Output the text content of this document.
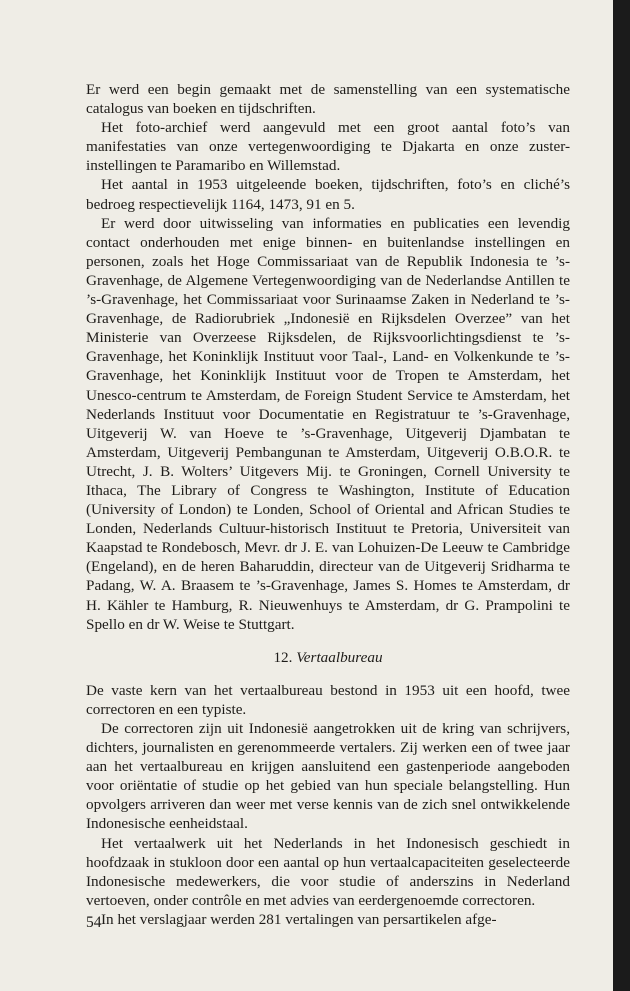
Er werd een begin gemaakt met de samenstelling van een systematische catalogus van boeken en tijdschriften.

Het foto-archief werd aangevuld met een groot aantal foto’s van manifestaties van onze vertegenwoordiging te Djakarta en onze zuster-instellingen te Paramaribo en Willemstad.

Het aantal in 1953 uitgeleende boeken, tijdschriften, foto’s en cliché’s bedroeg respectievelijk 1164, 1473, 91 en 5.

Er werd door uitwisseling van informaties en publicaties een levendig contact onderhouden met enige binnen- en buitenlandse instellingen en personen, zoals het Hoge Commissariaat van de Republik Indonesia te ’s-Gravenhage, de Algemene Vertegenwoordiging van de Nederlandse Antillen te ’s-Gravenhage, het Commissariaat voor Surinaamse Zaken in Nederland te ’s-Gravenhage, de Radiorubriek „Indonesië en Rijksdelen Overzee” van het Ministerie van Overzeese Rijksdelen, de Rijksvoorlichtingsdienst te ’s-Gravenhage, het Koninklijk Instituut voor Taal-, Land- en Volkenkunde te ’s-Gravenhage, het Koninklijk Instituut voor de Tropen te Amsterdam, het Unesco-centrum te Amsterdam, de Foreign Student Service te Amsterdam, het Nederlands Instituut voor Documentatie en Registratuur te ’s-Gravenhage, Uitgeverij W. van Hoeve te ’s-Gravenhage, Uitgeverij Djambatan te Amsterdam, Uitgeverij Pembangunan te Amsterdam, Uitgeverij O.B.O.R. te Utrecht, J. B. Wolters’ Uitgevers Mij. te Groningen, Cornell University te Ithaca, The Library of Congress te Washington, Institute of Education (University of London) te Londen, School of Oriental and African Studies te Londen, Nederlands Cultuur-historisch Instituut te Pretoria, Universiteit van Kaapstad te Rondebosch, Mevr. dr J. E. van Lohuizen-De Leeuw te Cambridge (Engeland), en de heren Baharuddin, directeur van de Uitgeverij Sridharma te Padang, W. A. Braasem te ’s-Gravenhage, James S. Homes te Amsterdam, dr H. Kähler te Hamburg, R. Nieuwenhuys te Amsterdam, dr G. Prampolini te Spello en dr W. Weise te Stuttgart.

12. Vertaalbureau

De vaste kern van het vertaalbureau bestond in 1953 uit een hoofd, twee correctoren en een typiste.

De correctoren zijn uit Indonesië aangetrokken uit de kring van schrijvers, dichters, journalisten en gerenommeerde vertalers. Zij werken een of twee jaar aan het vertaalbureau en krijgen aansluitend een gastenperiode aangeboden voor oriëntatie of studie op het gebied van hun speciale belangstelling. Hun opvolgers arriveren dan weer met verse kennis van de zich snel ontwikkelende Indonesische eenheidstaal.

Het vertaalwerk uit het Nederlands in het Indonesisch geschiedt in hoofdzaak in stukloon door een aantal op hun vertaalcapaciteiten geselecteerde Indonesische medewerkers, die voor studie of anderszins in Nederland vertoeven, onder contrôle en met advies van eerdergenoemde correctoren.

In het verslagjaar werden 281 vertalingen van persartikelen afge-

54
